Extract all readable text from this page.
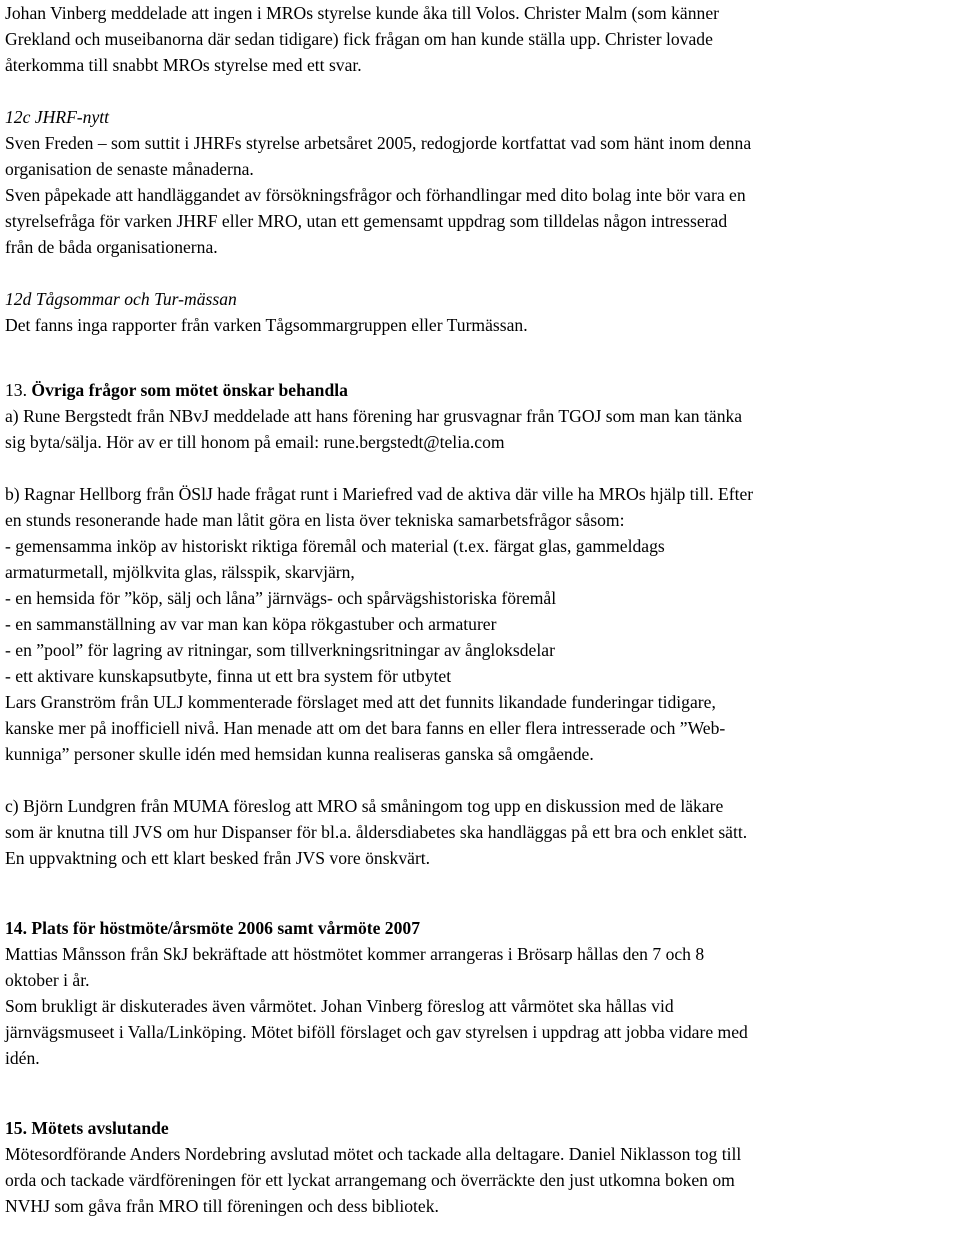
Johan Vinberg meddelade att ingen i MROs styrelse kunde åka till Volos. Christer Malm (som känner
Grekland och museibanorna där sedan tidigare) fick frågan om han kunde ställa upp. Christer lovade
återkomma till snabbt MROs styrelse med ett svar.

12c JHRF-nytt
Sven Freden – som suttit i JHRFs styrelse arbetsåret 2005, redogjorde kortfattat vad som hänt inom denna
organisation de senaste månaderna.
Sven påpekade att handläggandet av försökningsfrågor och förhandlingar med dito bolag inte bör vara en
styrelsefråga för varken JHRF eller MRO, utan ett gemensamt uppdrag som tilldelas någon intresserad
från de båda organisationerna.

12d Tågsommar och Tur-mässan
Det fanns inga rapporter från varken Tågsommargruppen eller Turmässan.

13. Övriga frågor som mötet önskar behandla
a) Rune Bergstedt från NBvJ meddelade att hans förening har grusvagnar från TGOJ som man kan tänka
sig byta/sälja. Hör av er till honom på email: rune.bergstedt@telia.com

b) Ragnar Hellborg från ÖSlJ hade frågat runt i Mariefred vad de aktiva där ville ha MROs hjälp till. Efter
en stunds resonerande hade man låtit göra en lista över tekniska samarbetsfrågor såsom:
- gemensamma inköp av historiskt riktiga föremål och material (t.ex. färgat glas, gammeldags
armaturmetall, mjölkvita glas, rälsspik, skarvjärn,
- en hemsida för ”köp, sälj och låna” järnvägs- och spårvägshistoriska föremål
- en sammanställning av var man kan köpa rökgastuber och armaturer
- en ”pool” för lagring av ritningar, som tillverkningsritningar av ångloksdelar
- ett aktivare kunskapsutbyte, finna ut ett bra system för utbytet
Lars Granström från ULJ kommenterade förslaget med att det funnits likandade funderingar tidigare,
kanske mer på inofficiell nivå. Han menade att om det bara fanns en eller flera intresserade och ”Web-
kunniga” personer skulle idén med hemsidan kunna realiseras ganska så omgående.

c) Björn Lundgren från MUMA föreslog att MRO så småningom tog upp en diskussion med de läkare
som är knutna till JVS om hur Dispanser för bl.a. åldersdiabetes ska handläggas på ett bra och enklet sätt.
En uppvaktning och ett klart besked från JVS vore önskvärt.

14. Plats för höstmöte/årsmöte 2006 samt vårmöte 2007
Mattias Månsson från SkJ bekräftade att höstmötet kommer arrangeras i Brösarp hållas den 7 och 8
oktober i år.
Som brukligt är diskuterades även vårmötet. Johan Vinberg föreslog att vårmötet ska hållas vid
järnvägsmuseet i Valla/Linköping. Mötet biföll förslaget och gav styrelsen i uppdrag att jobba vidare med
idén.

15. Mötets avslutande
Mötesordförande Anders Nordebring avslutad mötet och tackade alla deltagare. Daniel Niklasson tog till
orda och tackade värdföreningen för ett lyckat arrangemang och överräckte den just utkomna boken om
NVHJ som gåva från MRO till föreningen och dess bibliotek.
